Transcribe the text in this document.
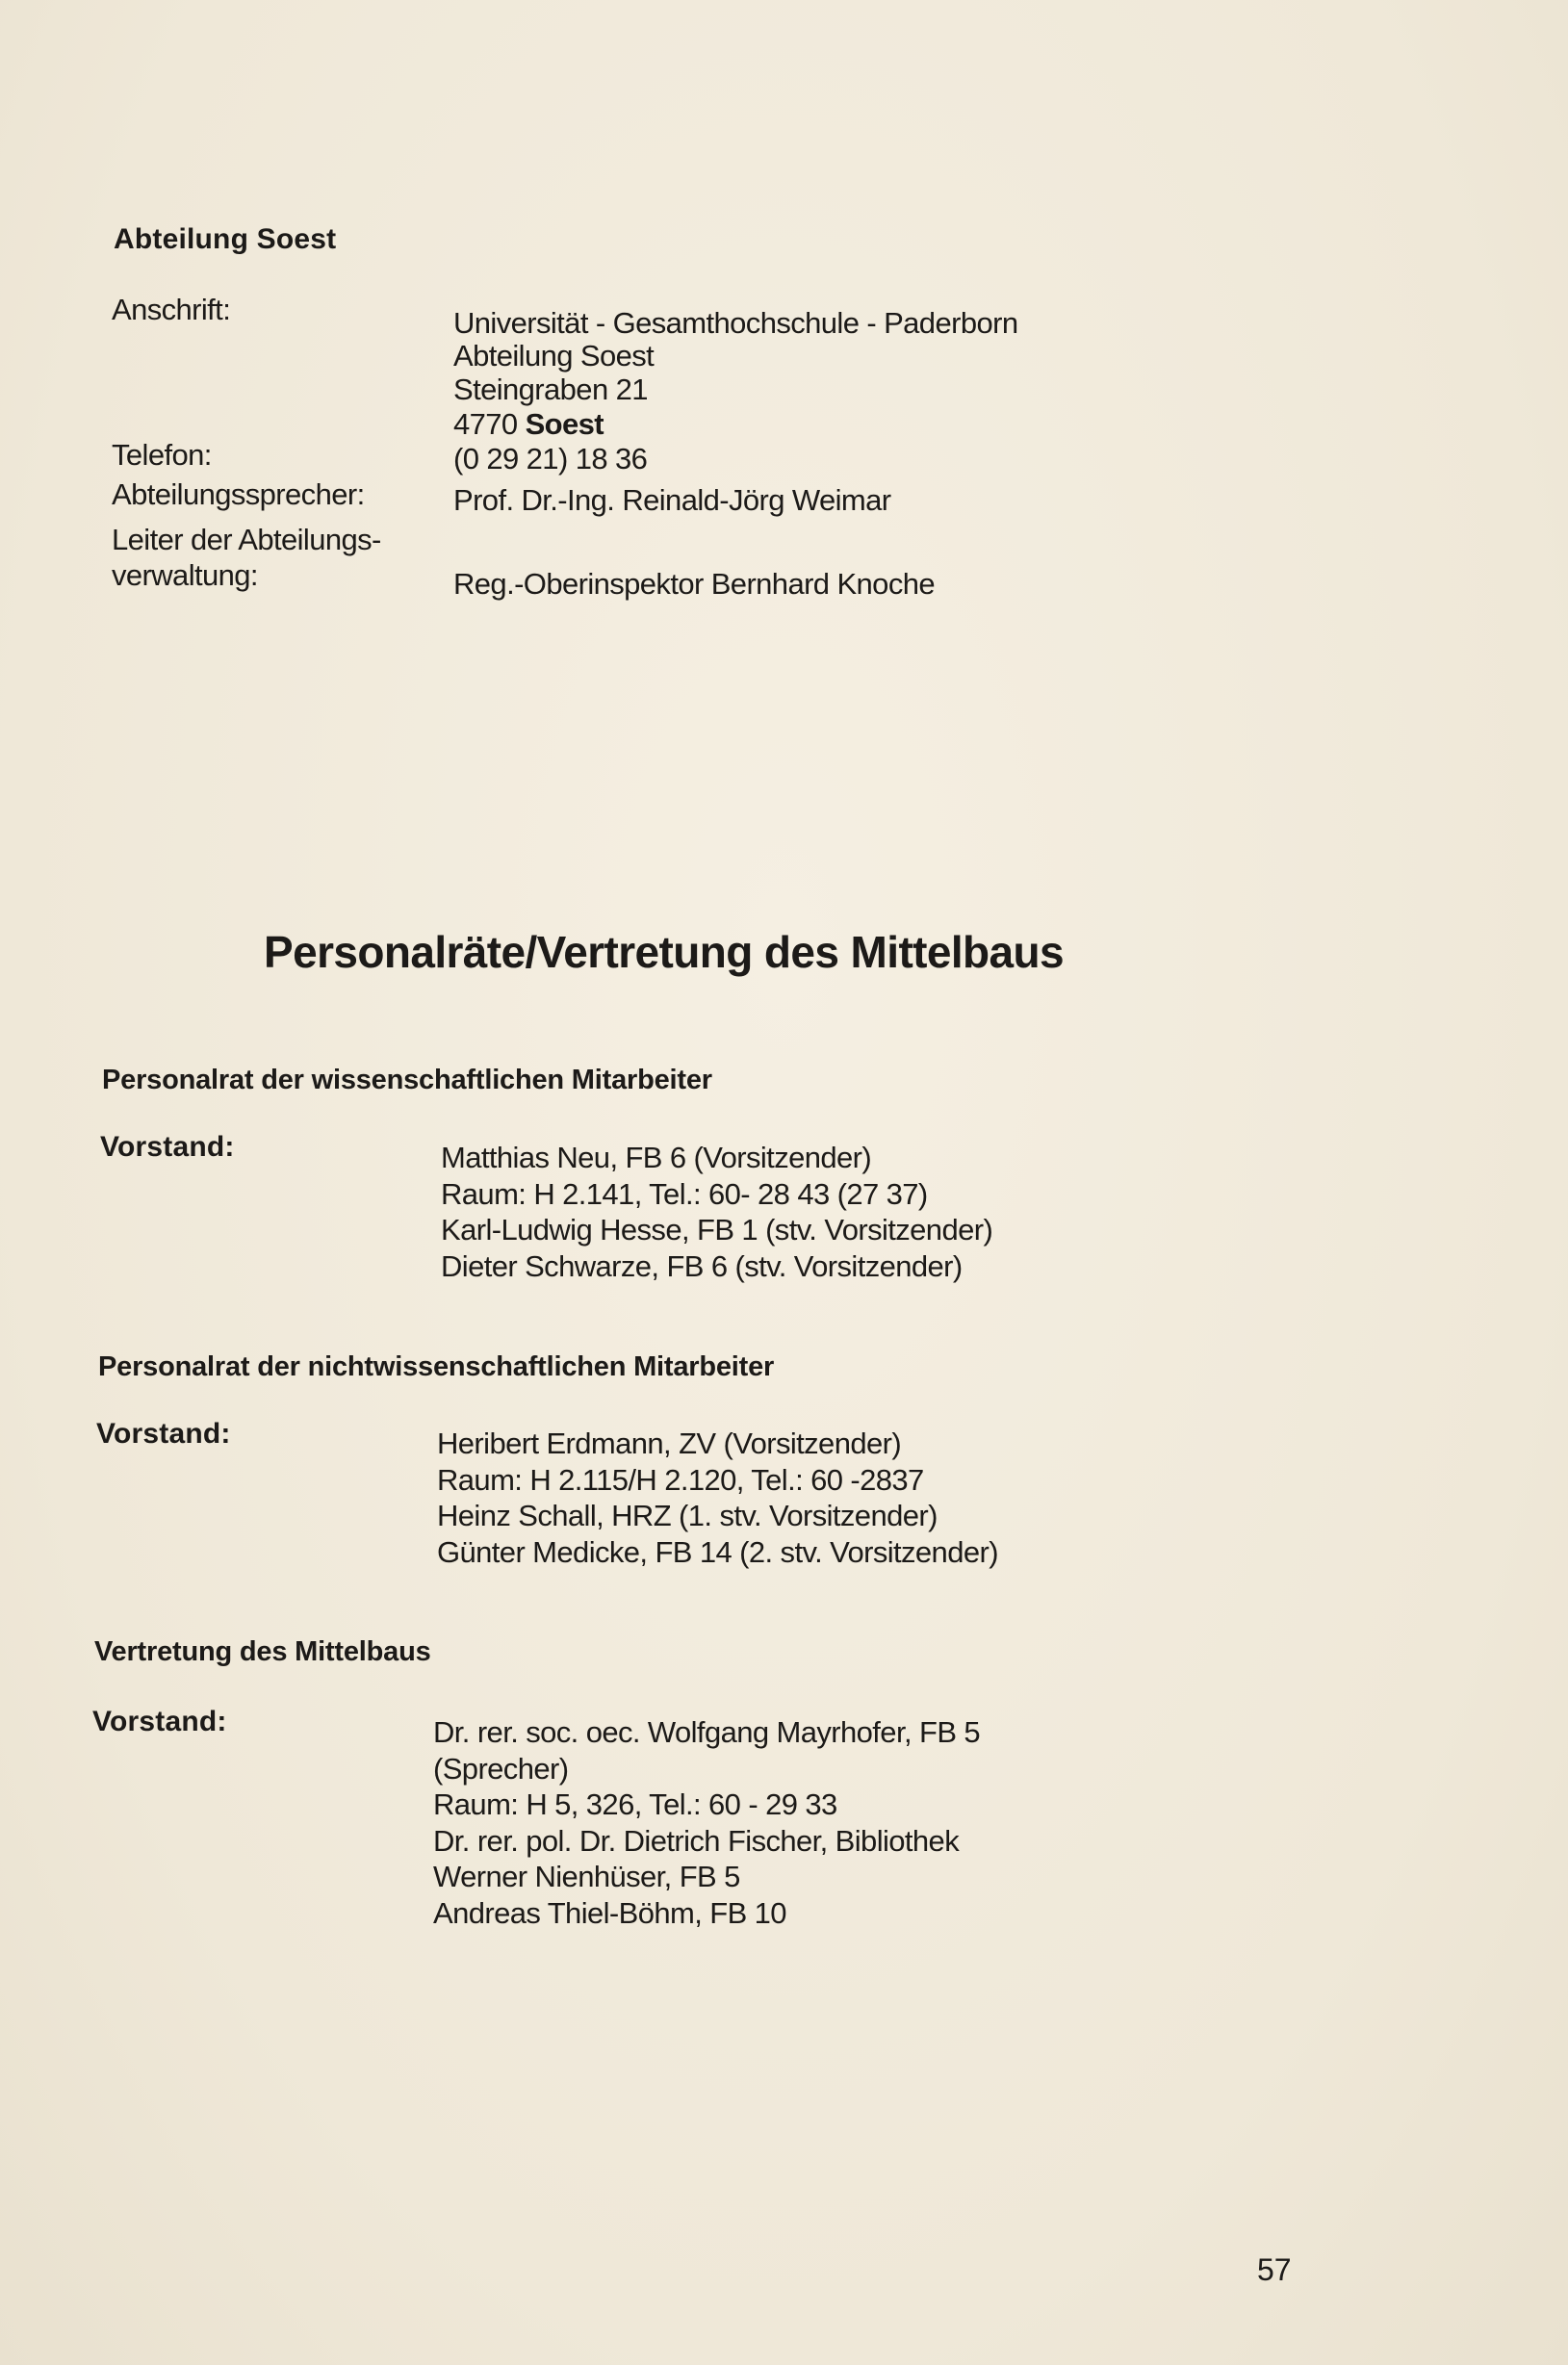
Abteilung Soest
Anschrift:	Universität - Gesamthochschule - Paderborn
Abteilung Soest
Steingraben 21
4770 Soest
Telefon:	(0 29 21) 18 36
Abteilungssprecher:	Prof. Dr.-Ing. Reinald-Jörg Weimar
Leiter der Abteilungs-
verwaltung:	Reg.-Oberinspektor Bernhard Knoche
Personalräte/Vertretung des Mittelbaus
Personalrat der wissenschaftlichen Mitarbeiter
Vorstand:	Matthias Neu, FB 6 (Vorsitzender)
Raum: H 2.141, Tel.: 60- 28 43 (27 37)
Karl-Ludwig Hesse, FB 1 (stv. Vorsitzender)
Dieter Schwarze, FB 6 (stv. Vorsitzender)
Personalrat der nichtwissenschaftlichen Mitarbeiter
Vorstand:	Heribert Erdmann, ZV (Vorsitzender)
Raum: H 2.115/H 2.120, Tel.: 60 -2837
Heinz Schall, HRZ (1. stv. Vorsitzender)
Günter Medicke, FB 14 (2. stv. Vorsitzender)
Vertretung des Mittelbaus
Vorstand:	Dr. rer. soc. oec. Wolfgang Mayrhofer, FB 5
(Sprecher)
Raum: H 5, 326, Tel.: 60 - 29 33
Dr. rer. pol. Dr. Dietrich Fischer, Bibliothek
Werner Nienhüser, FB 5
Andreas Thiel-Böhm, FB 10
57
